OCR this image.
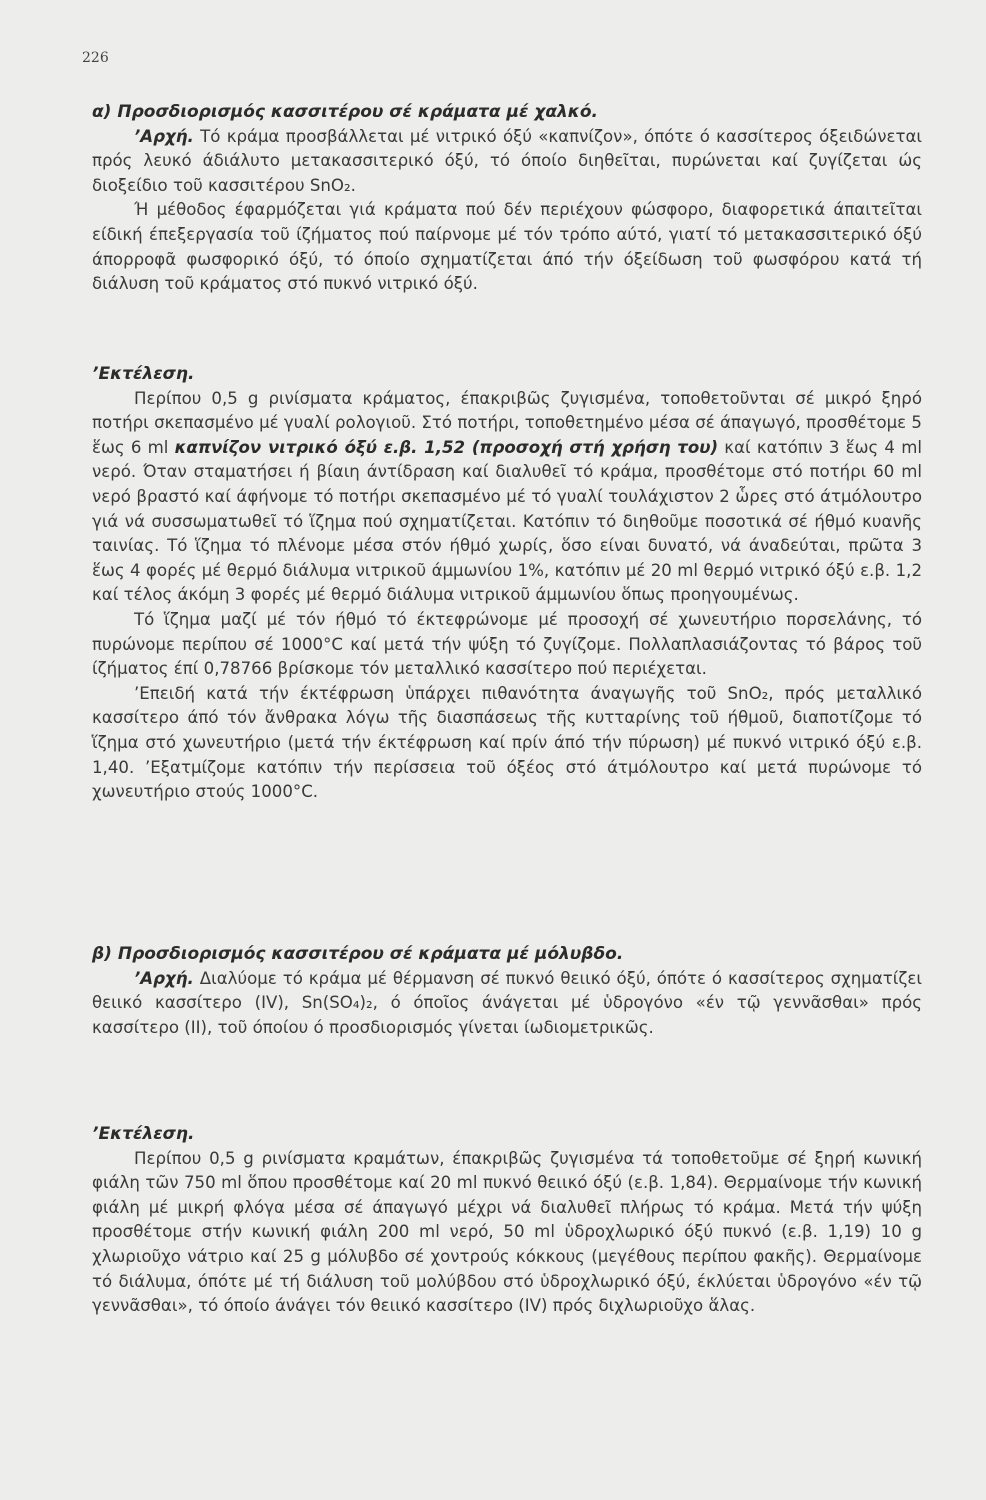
226

α) Προσδιορισμός κασσιτέρου σέ κράματα μέ χαλκό.

’Αρχή. Τό κράμα προσβάλλεται μέ νιτρικό όξύ «καπνίζον», όπότε ό κασσίτερος όξειδώνεται πρός λευκό άδιάλυτο μετακασσιτερικό όξύ, τό όποίο διηθεῖται, πυρώνεται καί ζυγίζεται ώς διοξείδιο τοῦ κασσιτέρου SnO₂.

Ή μέθοδος έφαρμόζεται γιά κράματα πού δέν περιέχουν φώσφορο, διαφορετικά άπαιτεῖται είδική έπεξεργασία τοῦ ίζήματος πού παίρνομε μέ τόν τρόπο αύτό, γιατί τό μετακασσιτερικό όξύ άπορροφᾶ φωσφορικό όξύ, τό όποίο σχηματίζεται άπό τήν όξείδωση τοῦ φωσφόρου κατά τή διάλυση τοῦ κράματος στό πυκνό νιτρικό όξύ.

’Εκτέλεση.

Περίπου 0,5 g ρινίσματα κράματος, έπακριβῶς ζυγισμένα, τοποθετοῦνται σέ μικρό ξηρό ποτήρι σκεπασμένο μέ γυαλί ρολογιοῦ. Στό ποτήρι, τοποθετημένο μέσα σέ άπαγωγό, προσθέτομε 5 ἕως 6 ml καπνίζον νιτρικό όξύ ε.β. 1,52 (προσοχή στή χρήση του) καί κατόπιν 3 ἕως 4 ml νερό. Όταν σταματήσει ή βίαιη άντίδραση καί διαλυθεῖ τό κράμα, προσθέτομε στό ποτήρι 60 ml νερό βραστό καί άφήνομε τό ποτήρι σκεπασμένο μέ τό γυαλί τουλάχιστον 2 ὧρες στό άτμόλουτρο γιά νά συσσωματωθεῖ τό ἵζημα πού σχηματίζεται. Κατόπιν τό διηθοῦμε ποσοτικά σέ ήθμό κυανῆς ταινίας. Τό ἵζημα τό πλένομε μέσα στόν ήθμό χωρίς, ὅσο είναι δυνατό, νά άναδεύται, πρῶτα 3 ἕως 4 φορές μέ θερμό διάλυμα νιτρικοῦ άμμωνίου 1%, κατόπιν μέ 20 ml θερμό νιτρικό όξύ ε.β. 1,2 καί τέλος άκόμη 3 φορές μέ θερμό διάλυμα νιτρικοῦ άμμωνίου ὅπως προηγουμένως.

Τό ἵζημα μαζί μέ τόν ήθμό τό έκτεφρώνομε μέ προσοχή σέ χωνευτήριο πορσελάνης, τό πυρώνομε περίπου σέ 1000°C καί μετά τήν ψύξη τό ζυγίζομε. Πολλαπλασιάζοντας τό βάρος τοῦ ίζήματος έπί 0,78766 βρίσκομε τόν μεταλλικό κασσίτερο πού περιέχεται.

’Επειδή κατά τήν έκτέφρωση ὑπάρχει πιθανότητα άναγωγῆς τοῦ SnO₂, πρός μεταλλικό κασσίτερο άπό τόν ἄνθρακα λόγω τῆς διασπάσεως τῆς κυτταρίνης τοῦ ήθμοῦ, διαποτίζομε τό ἵζημα στό χωνευτήριο (μετά τήν έκτέφρωση καί πρίν άπό τήν πύρωση) μέ πυκνό νιτρικό όξύ ε.β. 1,40. ’Εξατμίζομε κατόπιν τήν περίσσεια τοῦ όξέος στό άτμόλουτρο καί μετά πυρώνομε τό χωνευτήριο στούς 1000°C.

β) Προσδιορισμός κασσιτέρου σέ κράματα μέ μόλυβδο.

’Αρχή. Διαλύομε τό κράμα μέ θέρμανση σέ πυκνό θειικό όξύ, όπότε ό κασσίτερος σχηματίζει θειικό κασσίτερο (IV), Sn(SO₄)₂, ό όποῖος άνάγεται μέ ὑδρογόνο «έν τῷ γεννᾶσθαι» πρός κασσίτερο (II), τοῦ όποίου ό προσδιορισμός γίνεται ίωδιομετρικῶς.

’Εκτέλεση.

Περίπου 0,5 g ρινίσματα κραμάτων, έπακριβῶς ζυγισμένα τά τοποθετοῦμε σέ ξηρή κωνική φιάλη τῶν 750 ml ὅπου προσθέτομε καί 20 ml πυκνό θειικό όξύ (ε.β. 1,84). Θερμαίνομε τήν κωνική φιάλη μέ μικρή φλόγα μέσα σέ άπαγωγό μέχρι νά διαλυθεῖ πλήρως τό κράμα. Μετά τήν ψύξη προσθέτομε στήν κωνική φιάλη 200 ml νερό, 50 ml ὑδροχλωρικό όξύ πυκνό (ε.β. 1,19) 10 g χλωριοῦχο νάτριο καί 25 g μόλυβδο σέ χοντρούς κόκκους (μεγέθους περίπου φακῆς). Θερμαίνομε τό διάλυμα, όπότε μέ τή διάλυση τοῦ μολύβδου στό ὑδροχλωρικό όξύ, έκλύεται ὑδρογόνο «έν τῷ γεννᾶσθαι», τό όποίο άνάγει τόν θειικό κασσίτερο (IV) πρός διχλωριοῦχο ἅλας.
